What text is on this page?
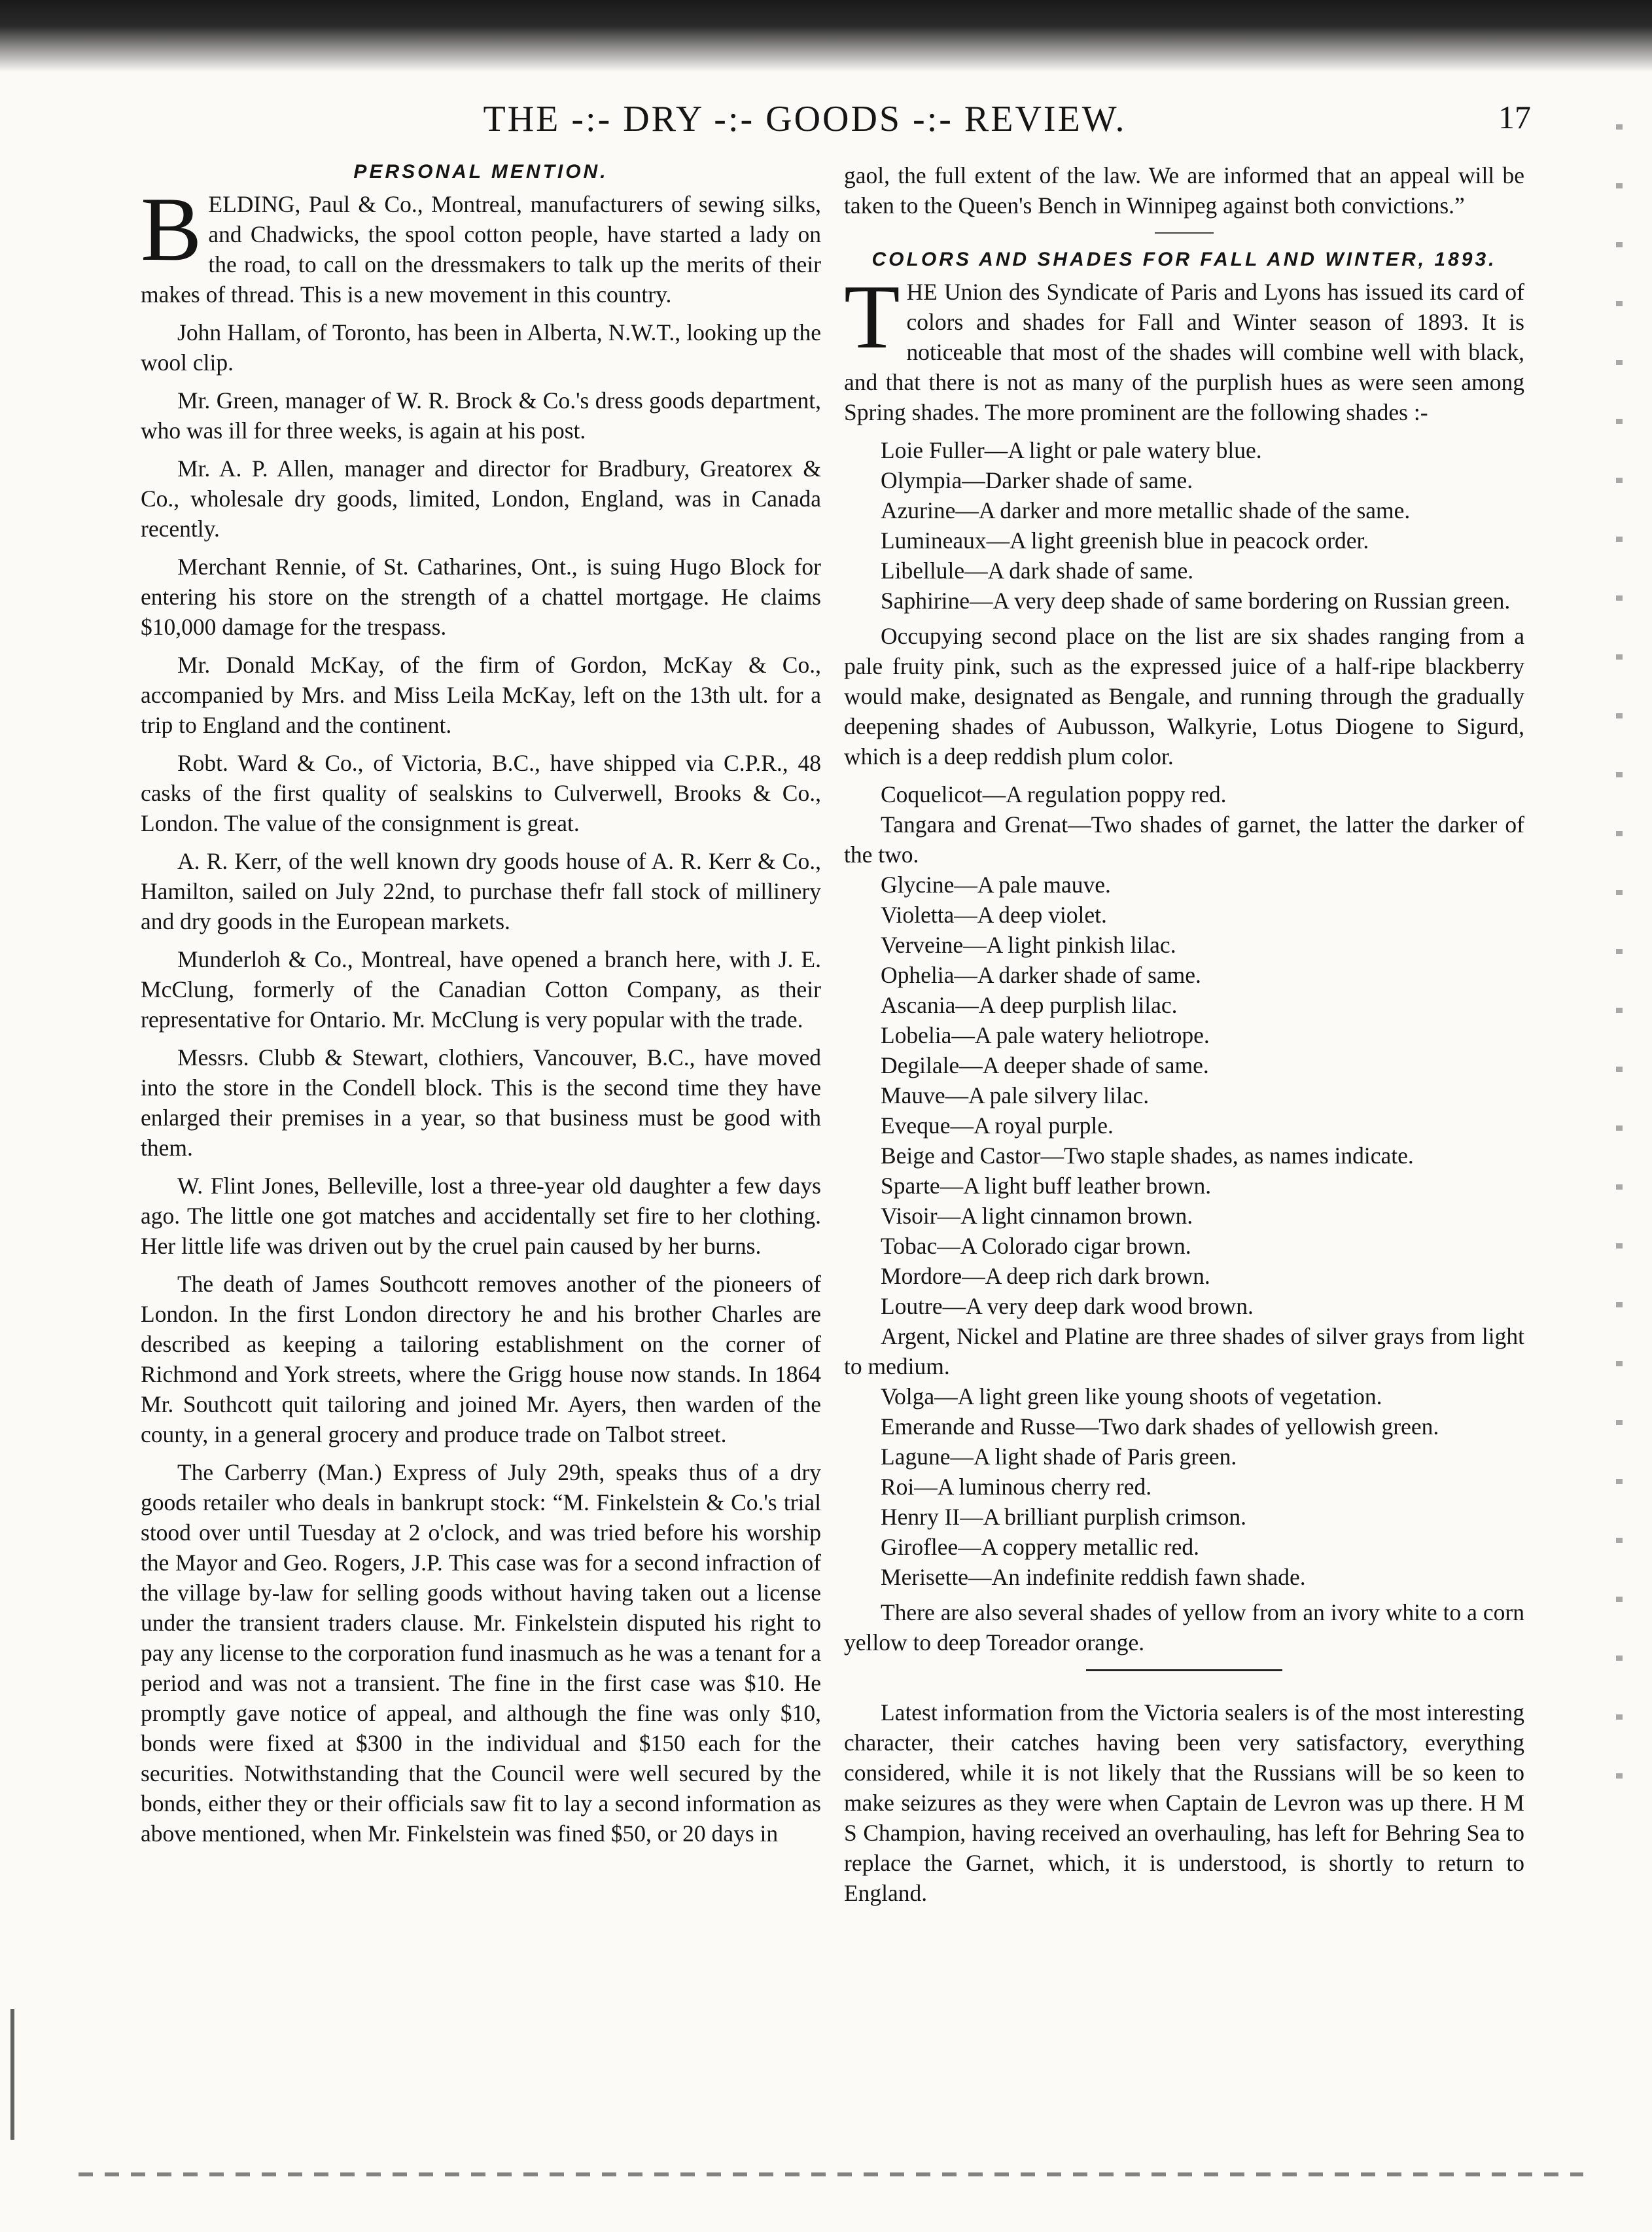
THE -:- DRY -:- GOODS -:- REVIEW.	17
PERSONAL MENTION.

BELDING, Paul & Co., Montreal, manufacturers of sewing silks, and Chadwicks, the spool cotton people, have started a lady on the road, to call on the dressmakers to talk up the merits of their makes of thread. This is a new movement in this country.

John Hallam, of Toronto, has been in Alberta, N.W.T., looking up the wool clip.

Mr. Green, manager of W. R. Brock & Co.'s dress goods department, who was ill for three weeks, is again at his post.

Mr. A. P. Allen, manager and director for Bradbury, Greatorex & Co., wholesale dry goods, limited, London, England, was in Canada recently.

Merchant Rennie, of St. Catharines, Ont., is suing Hugo Block for entering his store on the strength of a chattel mortgage. He claims $10,000 damage for the trespass.

Mr. Donald McKay, of the firm of Gordon, McKay & Co., accompanied by Mrs. and Miss Leila McKay, left on the 13th ult. for a trip to England and the continent.

Robt. Ward & Co., of Victoria, B.C., have shipped via C.P.R., 48 casks of the first quality of sealskins to Culverwell, Brooks & Co., London. The value of the consignment is great.

A. R. Kerr, of the well known dry goods house of A. R. Kerr & Co., Hamilton, sailed on July 22nd, to purchase thefr fall stock of millinery and dry goods in the European markets.

Munderloh & Co., Montreal, have opened a branch here, with J. E. McClung, formerly of the Canadian Cotton Company, as their representative for Ontario. Mr. McClung is very popular with the trade.

Messrs. Clubb & Stewart, clothiers, Vancouver, B.C., have moved into the store in the Condell block. This is the second time they have enlarged their premises in a year, so that business must be good with them.

W. Flint Jones, Belleville, lost a three-year old daughter a few days ago. The little one got matches and accidentally set fire to her clothing. Her little life was driven out by the cruel pain caused by her burns.

The death of James Southcott removes another of the pioneers of London. In the first London directory he and his brother Charles are described as keeping a tailoring establishment on the corner of Richmond and York streets, where the Grigg house now stands. In 1864 Mr. Southcott quit tailoring and joined Mr. Ayers, then warden of the county, in a general grocery and produce trade on Talbot street.

The Carberry (Man.) Express of July 29th, speaks thus of a dry goods retailer who deals in bankrupt stock: “M. Finkelstein & Co.'s trial stood over until Tuesday at 2 o'clock, and was tried before his worship the Mayor and Geo. Rogers, J.P. This case was for a second infraction of the village by-law for selling goods without having taken out a license under the transient traders clause. Mr. Finkelstein disputed his right to pay any license to the corporation fund inasmuch as he was a tenant for a period and was not a transient. The fine in the first case was $10. He promptly gave notice of appeal, and although the fine was only $10, bonds were fixed at $300 in the individual and $150 each for the securities. Notwithstanding that the Council were well secured by the bonds, either they or their officials saw fit to lay a second information as above mentioned, when Mr. Finkelstein was fined $50, or 20 days in

gaol, the full extent of the law. We are informed that an appeal will be taken to the Queen's Bench in Winnipeg against both convictions.”

COLORS AND SHADES FOR FALL AND WINTER, 1893.

THE Union des Syndicate of Paris and Lyons has issued its card of colors and shades for Fall and Winter season of 1893. It is noticeable that most of the shades will combine well with black, and that there is not as many of the purplish hues as were seen among Spring shades. The more prominent are the following shades :-

Loie Fuller—A light or pale watery blue.
Olympia—Darker shade of same.
Azurine—A darker and more metallic shade of the same.
Lumineaux—A light greenish blue in peacock order.
Libellule—A dark shade of same.
Saphirine—A very deep shade of same bordering on Russian green.

Occupying second place on the list are six shades ranging from a pale fruity pink, such as the expressed juice of a half-ripe blackberry would make, designated as Bengale, and running through the gradually deepening shades of Aubusson, Walkyrie, Lotus Diogene to Sigurd, which is a deep reddish plum color.

Coquelicot—A regulation poppy red.
Tangara and Grenat—Two shades of garnet, the latter the darker of the two.
Glycine—A pale mauve.
Violetta—A deep violet.
Verveine—A light pinkish lilac.
Ophelia—A darker shade of same.
Ascania—A deep purplish lilac.
Lobelia—A pale watery heliotrope.
Degilale—A deeper shade of same.
Mauve—A pale silvery lilac.
Eveque—A royal purple.
Beige and Castor—Two staple shades, as names indicate.
Sparte—A light buff leather brown.
Visoir—A light cinnamon brown.
Tobac—A Colorado cigar brown.
Mordore—A deep rich dark brown.
Loutre—A very deep dark wood brown.
Argent, Nickel and Platine are three shades of silver grays from light to medium.
Volga—A light green like young shoots of vegetation.
Emerande and Russe—Two dark shades of yellowish green.
Lagune—A light shade of Paris green.
Roi—A luminous cherry red.
Henry II—A brilliant purplish crimson.
Giroflee—A coppery metallic red.
Merisette—An indefinite reddish fawn shade.

There are also several shades of yellow from an ivory white to a corn yellow to deep Toreador orange.

Latest information from the Victoria sealers is of the most interesting character, their catches having been very satisfactory, everything considered, while it is not likely that the Russians will be so keen to make seizures as they were when Captain de Levron was up there. H M S Champion, having received an overhauling, has left for Behring Sea to replace the Garnet, which, it is understood, is shortly to return to England.
